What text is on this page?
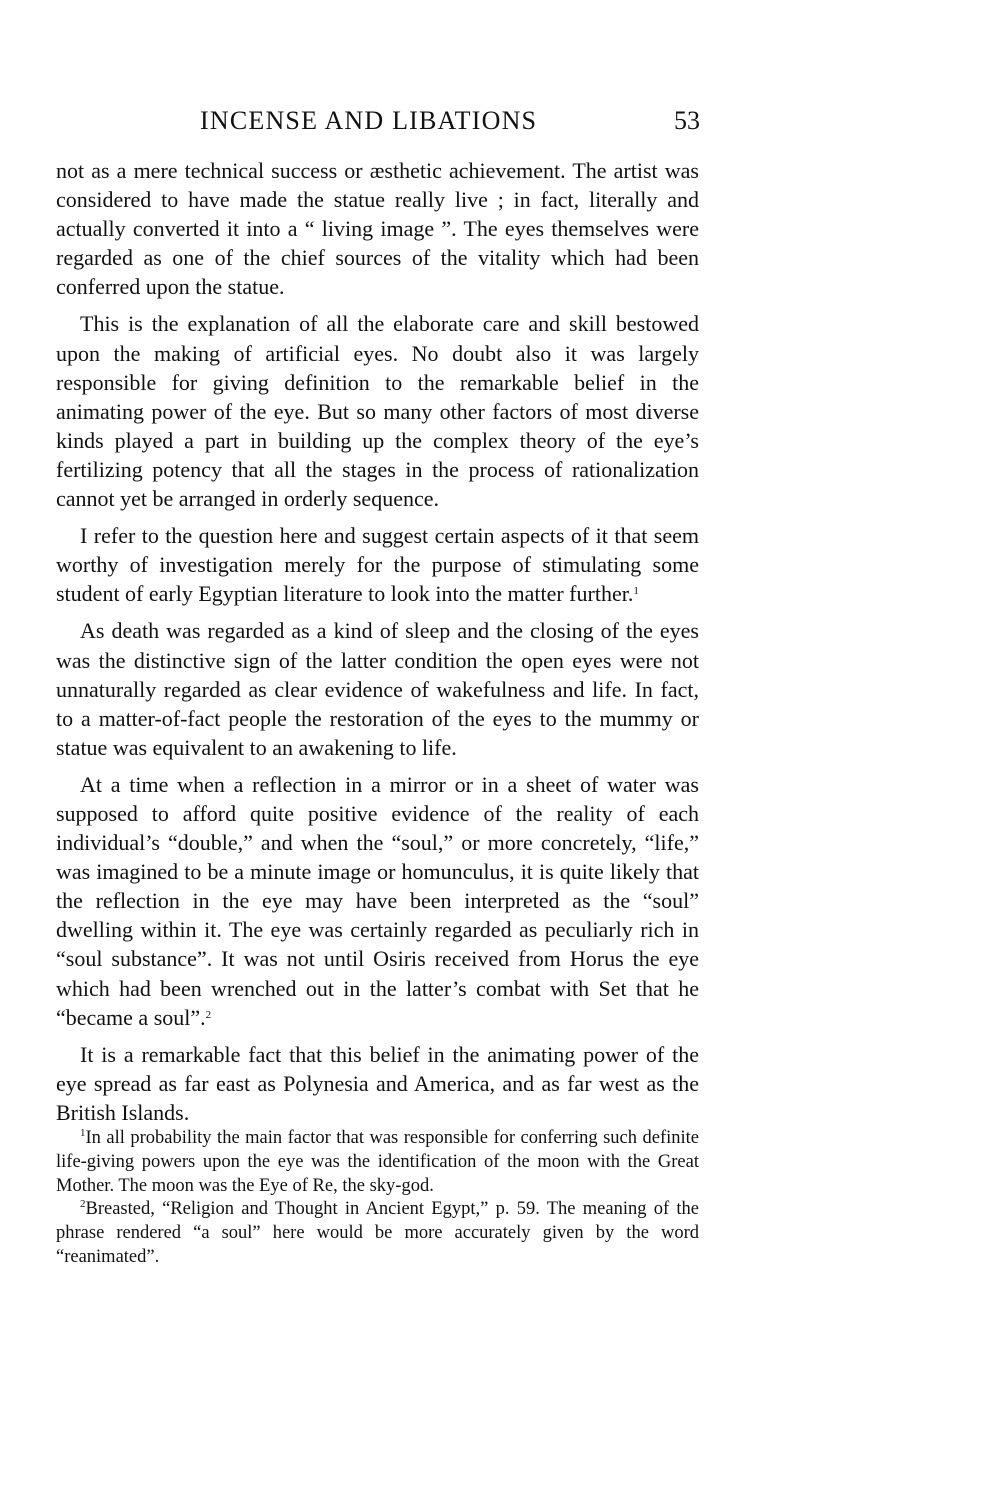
INCENSE AND LIBATIONS	53

not as a mere technical success or æsthetic achievement. The artist was considered to have made the statue really live ; in fact, literally and actually converted it into a “ living image ”. The eyes themselves were regarded as one of the chief sources of the vitality which had been conferred upon the statue.

This is the explanation of all the elaborate care and skill bestowed upon the making of artificial eyes. No doubt also it was largely responsible for giving definition to the remarkable belief in the animating power of the eye. But so many other factors of most diverse kinds played a part in building up the complex theory of the eye’s fertilizing potency that all the stages in the process of rationalization cannot yet be arranged in orderly sequence.

I refer to the question here and suggest certain aspects of it that seem worthy of investigation merely for the purpose of stimulating some student of early Egyptian literature to look into the matter further.$^1$

As death was regarded as a kind of sleep and the closing of the eyes was the distinctive sign of the latter condition the open eyes were not unnaturally regarded as clear evidence of wakefulness and life. In fact, to a matter-of-fact people the restoration of the eyes to the mummy or statue was equivalent to an awakening to life.

At a time when a reflection in a mirror or in a sheet of water was supposed to afford quite positive evidence of the reality of each individual’s “double,” and when the “soul,” or more concretely, “life,” was imagined to be a minute image or homunculus, it is quite likely that the reflection in the eye may have been interpreted as the “soul” dwelling within it. The eye was certainly regarded as peculiarly rich in “soul substance”. It was not until Osiris received from Horus the eye which had been wrenched out in the latter’s combat with Set that he “became a soul”.$^2$

It is a remarkable fact that this belief in the animating power of the eye spread as far east as Polynesia and America, and as far west as the British Islands.

$^1$In all probability the main factor that was responsible for conferring such definite life-giving powers upon the eye was the identification of the moon with the Great Mother. The moon was the Eye of Re, the sky-god.

$^2$Breasted, “Religion and Thought in Ancient Egypt,” p. 59. The meaning of the phrase rendered “a soul” here would be more accurately given by the word “reanimated”.
